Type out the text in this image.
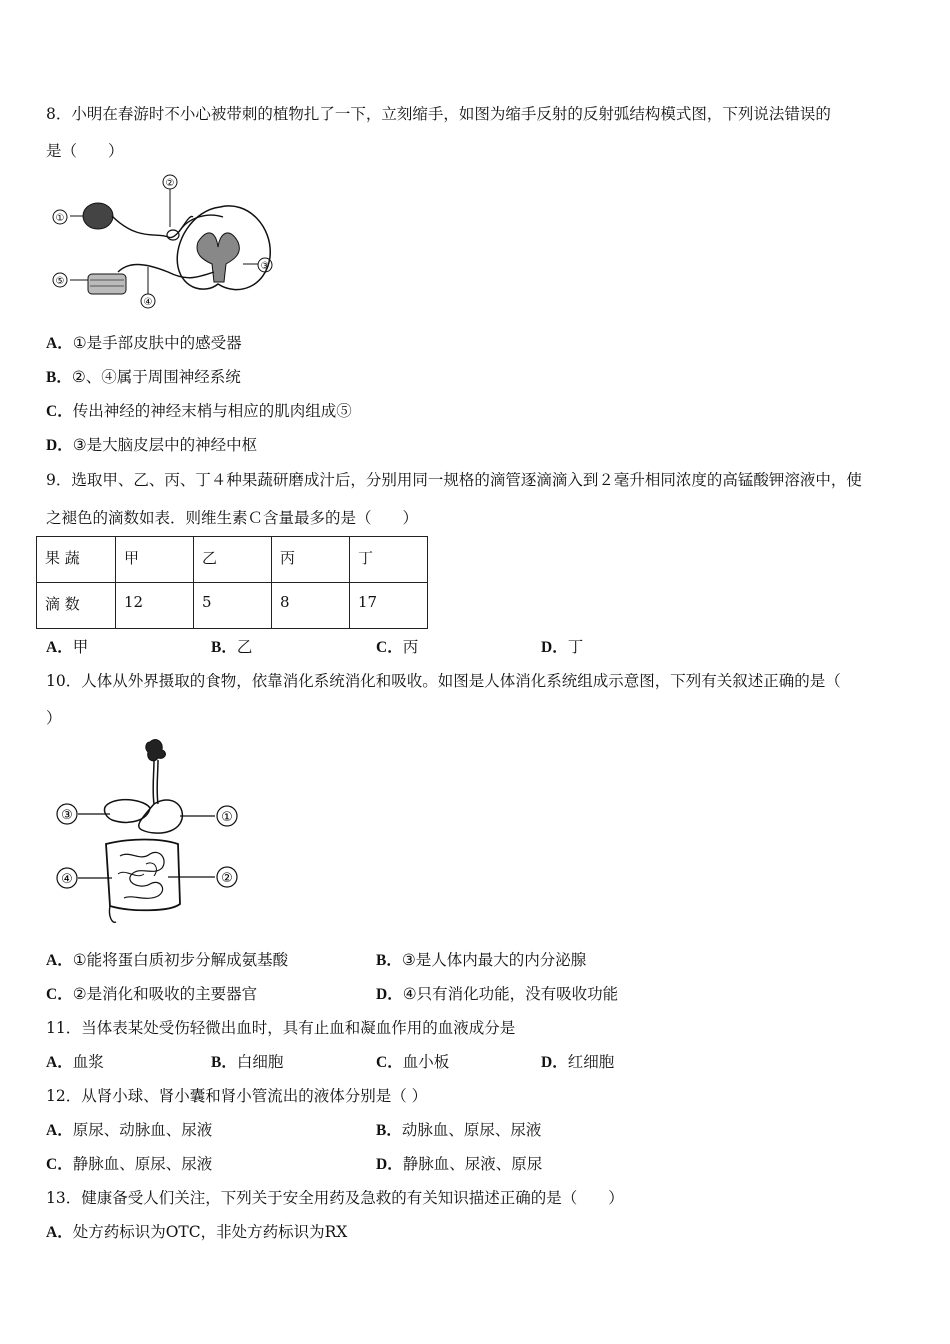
8．小明在春游时不小心被带刺的植物扎了一下，立刻缩手，如图为缩手反射的反射弧结构模式图，下列说法错误的
是（　　）
①
②
③
⑤
④
A．①是手部皮肤中的感受器
B．②、④属于周围神经系统
C．传出神经的神经末梢与相应的肌肉组成⑤
D．③是大脑皮层中的神经中枢
9．选取甲、乙、丙、丁４种果蔬研磨成汁后，分别用同一规格的滴管逐滴滴入到２毫升相同浓度的高锰酸钾溶液中，使
之褪色的滴数如表．则维生素Ｃ含量最多的是（　　）
果 蔬	甲	乙	丙	丁
滴 数	12	5	8	17
A．甲	B．乙	C．丙	D．丁
10．人体从外界摄取的食物，依靠消化系统消化和吸收。如图是人体消化系统组成示意图，下列有关叙述正确的是（
）
③	①
④	②
A．①能将蛋白质初步分解成氨基酸	B．③是人体内最大的内分泌腺
C．②是消化和吸收的主要器官	D．④只有消化功能，没有吸收功能
11．当体表某处受伤轻微出血时，具有止血和凝血作用的血液成分是
A．血浆	B．白细胞	C．血小板	D．红细胞
12．从肾小球、肾小囊和肾小管流出的液体分别是（ ）
A．原尿、动脉血、尿液	B．动脉血、原尿、尿液
C．静脉血、原尿、尿液	D．静脉血、尿液、原尿
13．健康备受人们关注，下列关于安全用药及急救的有关知识描述正确的是（　　）
A．处方药标识为OTC，非处方药标识为RX
